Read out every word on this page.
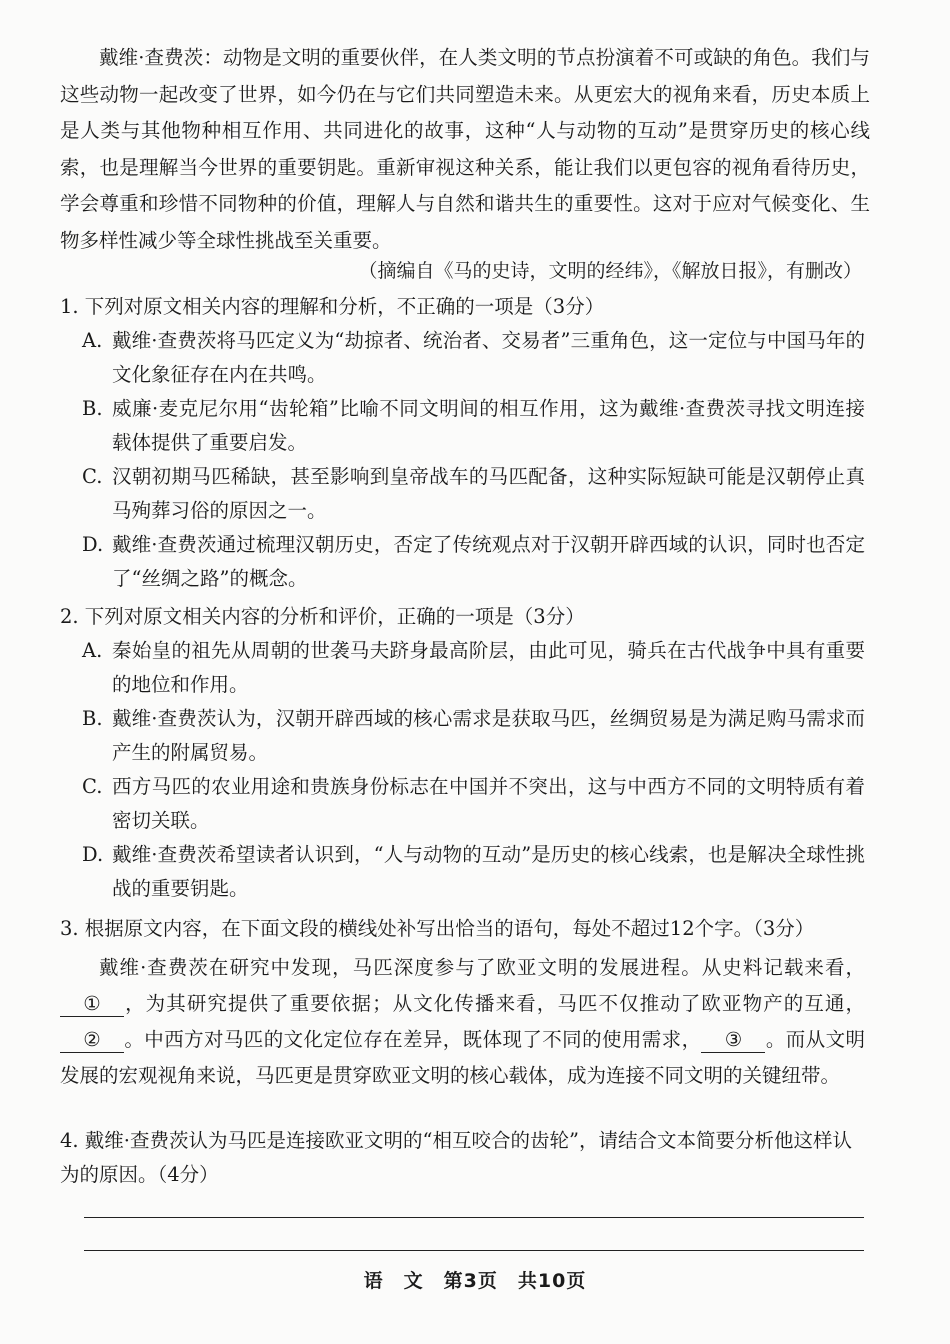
戴维·查费茨：动物是文明的重要伙伴，在人类文明的节点扮演着不可或缺的角色。我们与这些动物一起改变了世界，如今仍在与它们共同塑造未来。从更宏大的视角来看，历史本质上是人类与其他物种相互作用、共同进化的故事，这种“人与动物的互动”是贯穿历史的核心线索，也是理解当今世界的重要钥匙。重新审视这种关系，能让我们以更包容的视角看待历史，学会尊重和珍惜不同物种的价值，理解人与自然和谐共生的重要性。这对于应对气候变化、生物多样性减少等全球性挑战至关重要。

（摘编自《马的史诗，文明的经纬》，《解放日报》，有删改）

1. 下列对原文相关内容的理解和分析，不正确的一项是（3分）

A. 戴维·查费茨将马匹定义为“劫掠者、统治者、交易者”三重角色，这一定位与中国马年的文化象征存在内在共鸣。
B. 威廉·麦克尼尔用“齿轮箱”比喻不同文明间的相互作用，这为戴维·查费茨寻找文明连接载体提供了重要启发。
C. 汉朝初期马匹稀缺，甚至影响到皇帝战车的马匹配备，这种实际短缺可能是汉朝停止真马殉葬习俗的原因之一。
D. 戴维·查费茨通过梳理汉朝历史，否定了传统观点对于汉朝开辟西域的认识，同时也否定了“丝绸之路”的概念。

2. 下列对原文相关内容的分析和评价，正确的一项是（3分）

A. 秦始皇的祖先从周朝的世袭马夫跻身最高阶层，由此可见，骑兵在古代战争中具有重要的地位和作用。
B. 戴维·查费茨认为，汉朝开辟西域的核心需求是获取马匹，丝绸贸易是为满足购马需求而产生的附属贸易。
C. 西方马匹的农业用途和贵族身份标志在中国并不突出，这与中西方不同的文明特质有着密切关联。
D. 戴维·查费茨希望读者认识到，“人与动物的互动”是历史的核心线索，也是解决全球性挑战的重要钥匙。

3. 根据原文内容，在下面文段的横线处补写出恰当的语句，每处不超过12个字。（3分）

戴维·查费茨在研究中发现，马匹深度参与了欧亚文明的发展进程。从史料记载来看，① ，为其研究提供了重要依据；从文化传播来看，马匹不仅推动了欧亚物产的互通，② 。中西方对马匹的文化定位存在差异，既体现了不同的使用需求， ③ 。而从文明发展的宏观视角来说，马匹更是贯穿欧亚文明的核心载体，成为连接不同文明的关键纽带。

4. 戴维·查费茨认为马匹是连接欧亚文明的“相互咬合的齿轮”，请结合文本简要分析他这样认为的原因。（4分）

语　文　第3页　共10页
